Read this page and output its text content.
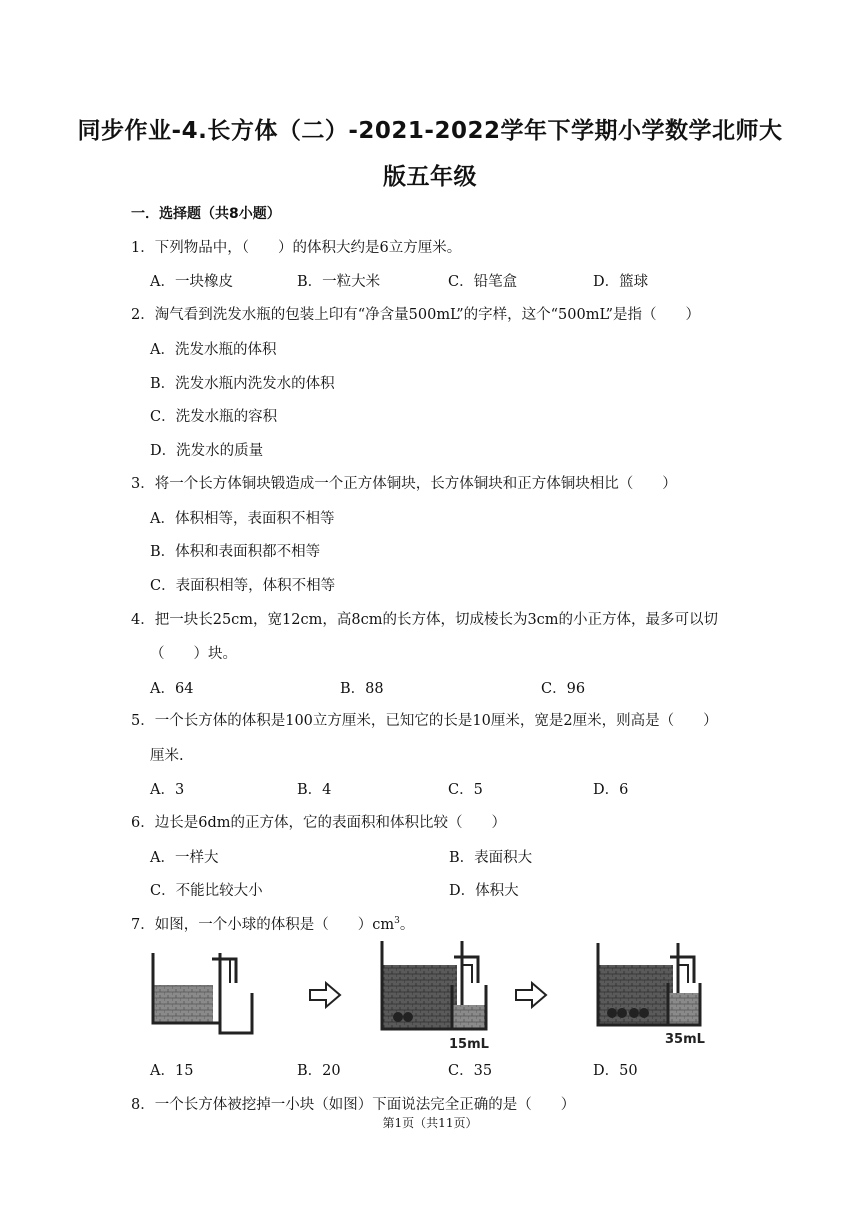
同步作业-4.长方体（二）-2021-2022学年下学期小学数学北师大
版五年级
一．选择题（共8小题）
1．下列物品中，（　　）的体积大约是6立方厘米。
A．一块橡皮	B．一粒大米	C．铅笔盒	D．篮球
2．淘气看到洗发水瓶的包装上印有“净含量500mL”的字样，这个“500mL”是指（　　）
A．洗发水瓶的体积
B．洗发水瓶内洗发水的体积
C．洗发水瓶的容积
D．洗发水的质量
3．将一个长方体铜块锻造成一个正方体铜块，长方体铜块和正方体铜块相比（　　）
A．体积相等，表面积不相等
B．体积和表面积都不相等
C．表面积相等，体积不相等
4．把一块长25cm，宽12cm，高8cm的长方体，切成棱长为3cm的小正方体，最多可以切
（　　）块。
A．64	B．88	C．96
5．一个长方体的体积是100立方厘米，已知它的长是10厘米，宽是2厘米，则高是（　　）
厘米.
A．3	B．4	C．5	D．6
6．边长是6dm的正方体，它的表面积和体积比较（　　）
A．一样大	B．表面积大
C．不能比较大小	D．体积大
7．如图，一个小球的体积是（　　）$cm^3$。
15mL	35mL
A．15	B．20	C．35	D．50
8．一个长方体被挖掉一小块（如图）下面说法完全正确的是（　　）
第1页（共11页）
